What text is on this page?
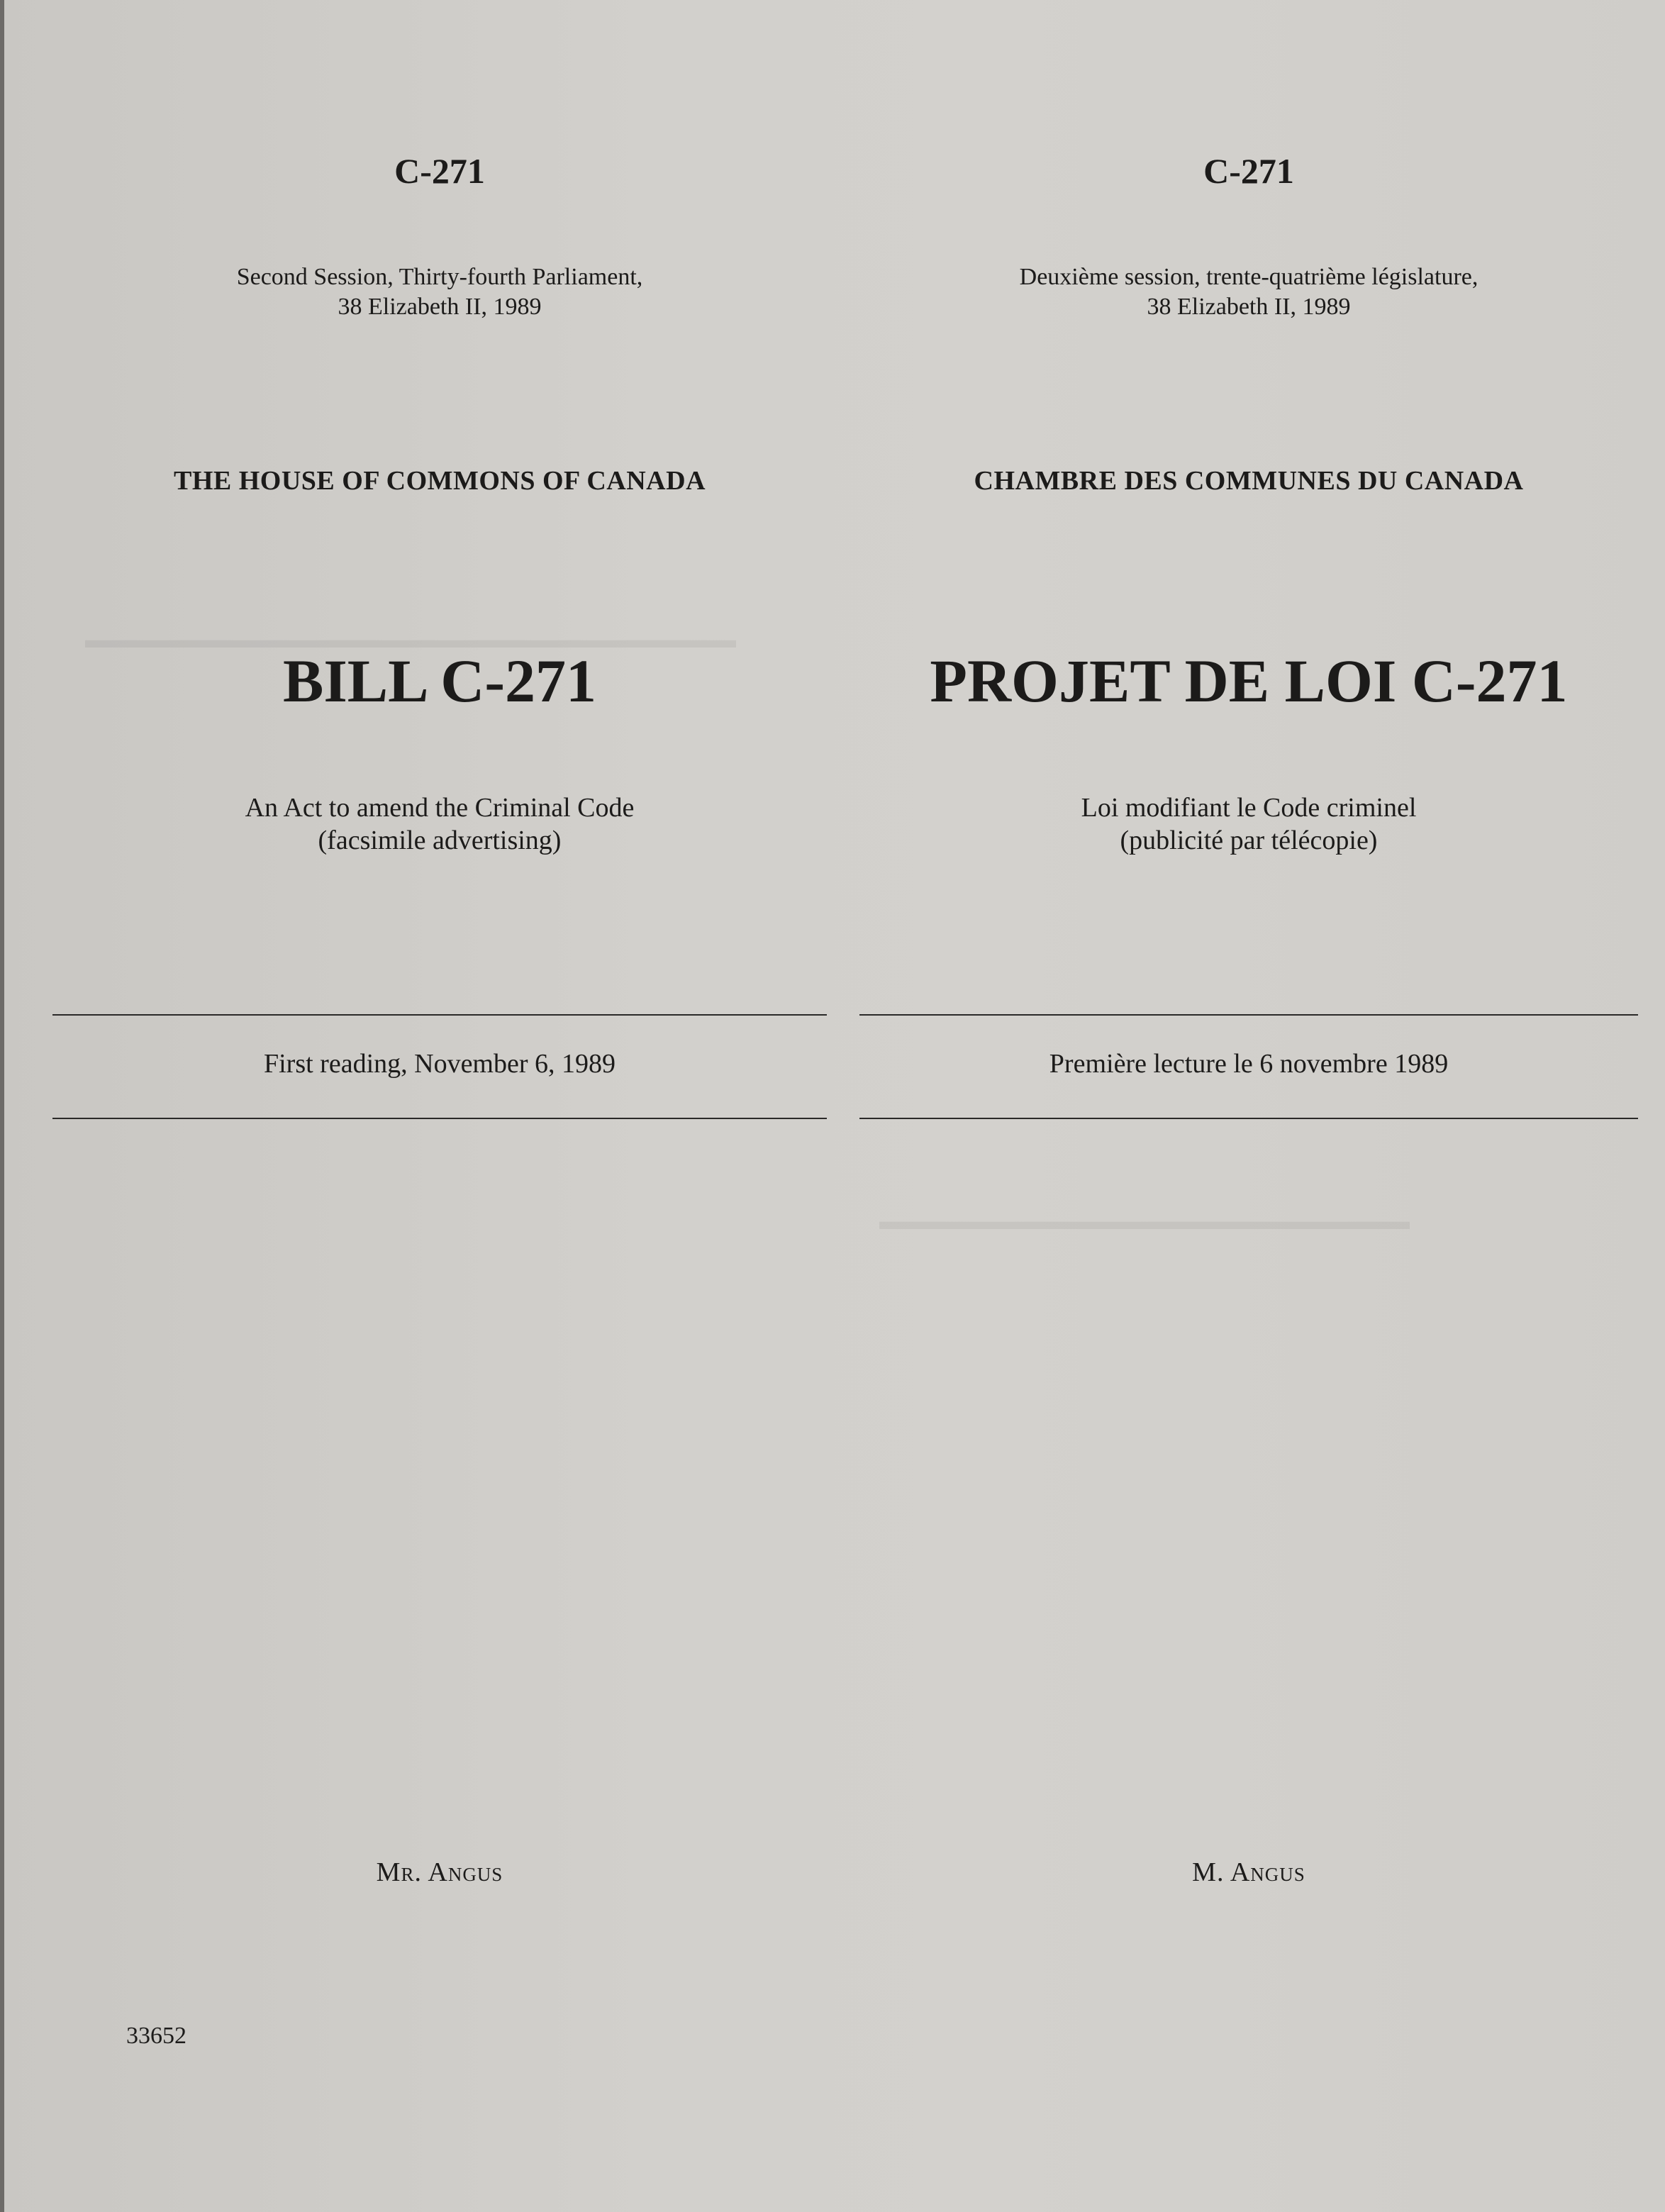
▬▬▬▬▬▬▬▬▬▬▬▬▬▬▬▬▬▬▬▬▬▬▬▬▬▬▬
▬▬▬▬▬▬▬▬▬▬▬▬▬▬▬▬▬▬▬▬▬▬

C-271

Second Session, Thirty-fourth Parliament,
38 Elizabeth II, 1989

THE HOUSE OF COMMONS OF CANADA

BILL C-271

An Act to amend the Criminal Code
(facsimile advertising)

First reading, November 6, 1989

Mr. Angus

C-271

Deuxième session, trente-quatrième législature,
38 Elizabeth II, 1989

CHAMBRE DES COMMUNES DU CANADA

PROJET DE LOI C-271

Loi modifiant le Code criminel
(publicité par télécopie)

Première lecture le 6 novembre 1989

M. Angus

33652
